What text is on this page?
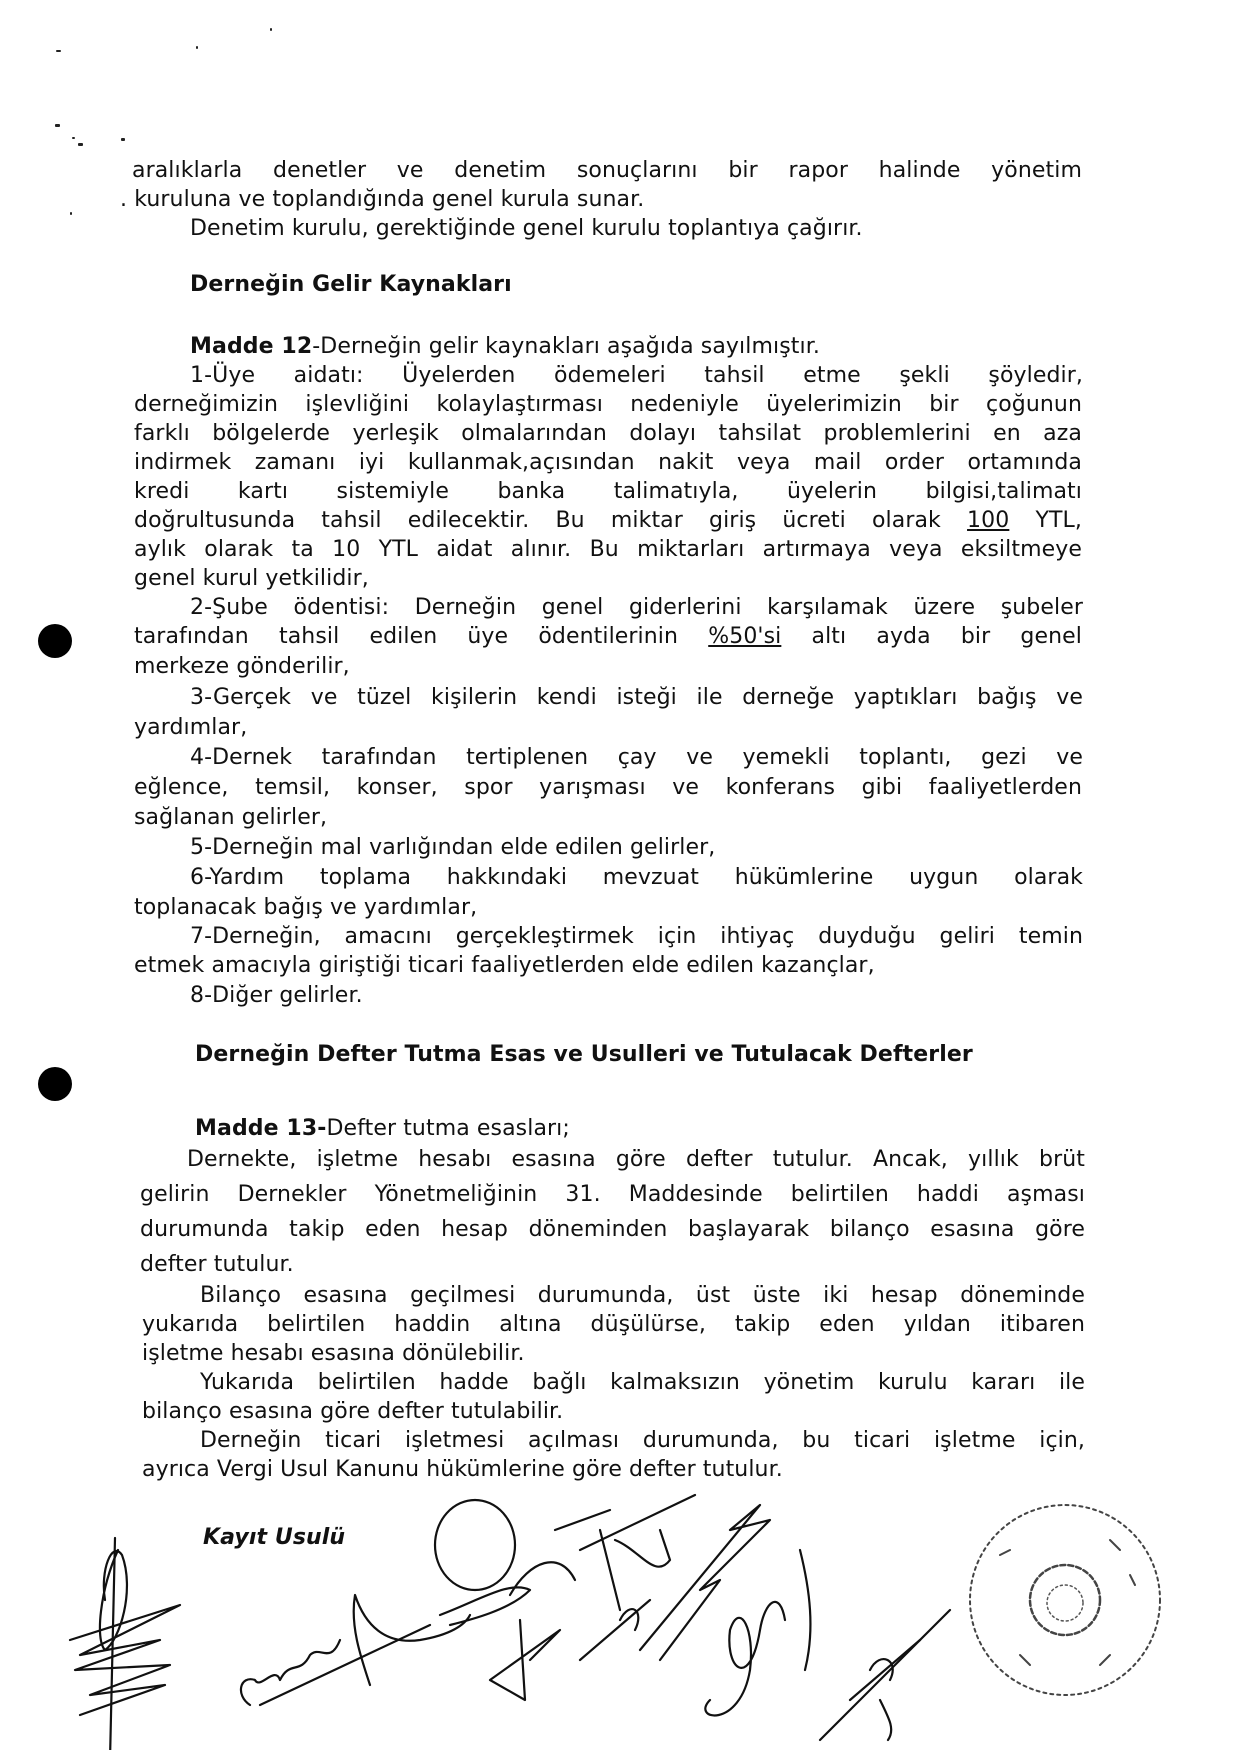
aralıklarla denetler ve denetim sonuçlarını bir rapor halinde yönetim
. kuruluna ve toplandığında genel kurula sunar.
Denetim kurulu, gerektiğinde genel kurulu toplantıya çağırır.
Derneğin Gelir Kaynakları
Madde 12-Derneğin gelir kaynakları aşağıda sayılmıştır.
1-Üye aidatı: Üyelerden ödemeleri tahsil etme şekli şöyledir,
derneğimizin işlevliğini kolaylaştırması nedeniyle üyelerimizin bir çoğunun
farklı bölgelerde yerleşik olmalarından dolayı tahsilat problemlerini en aza
indirmek zamanı iyi kullanmak,açısından nakit veya mail order ortamında
kredi kartı sistemiyle banka talimatıyla, üyelerin bilgisi,talimatı
doğrultusunda tahsil edilecektir. Bu miktar giriş ücreti olarak 100 YTL,
aylık olarak ta 10 YTL aidat alınır. Bu miktarları artırmaya veya eksiltmeye
genel kurul yetkilidir,
2-Şube ödentisi: Derneğin genel giderlerini karşılamak üzere şubeler
tarafından tahsil edilen üye ödentilerinin %50'si altı ayda bir genel
merkeze gönderilir,
3-Gerçek ve tüzel kişilerin kendi isteği ile derneğe yaptıkları bağış ve
yardımlar,
4-Dernek tarafından tertiplenen çay ve yemekli toplantı, gezi ve
eğlence, temsil, konser, spor yarışması ve konferans gibi faaliyetlerden
sağlanan gelirler,
5-Derneğin mal varlığından elde edilen gelirler,
6-Yardım toplama hakkındaki mevzuat hükümlerine uygun olarak
toplanacak bağış ve yardımlar,
7-Derneğin, amacını gerçekleştirmek için ihtiyaç duyduğu geliri temin
etmek amacıyla giriştiği ticari faaliyetlerden elde edilen kazançlar,
8-Diğer gelirler.
Derneğin Defter Tutma Esas ve Usulleri ve Tutulacak Defterler
Madde 13-Defter tutma esasları;
Dernekte, işletme hesabı esasına göre defter tutulur. Ancak, yıllık brüt
gelirin Dernekler Yönetmeliğinin 31. Maddesinde belirtilen haddi aşması
durumunda takip eden hesap döneminden başlayarak bilanço esasına göre
defter tutulur.
Bilanço esasına geçilmesi durumunda, üst üste iki hesap döneminde
yukarıda belirtilen haddin altına düşülürse, takip eden yıldan itibaren
işletme hesabı esasına dönülebilir.
Yukarıda belirtilen hadde bağlı kalmaksızın yönetim kurulu kararı ile
bilanço esasına göre defter tutulabilir.
Derneğin ticari işletmesi açılması durumunda, bu ticari işletme için,
ayrıca Vergi Usul Kanunu hükümlerine göre defter tutulur.
Kayıt Usulü
